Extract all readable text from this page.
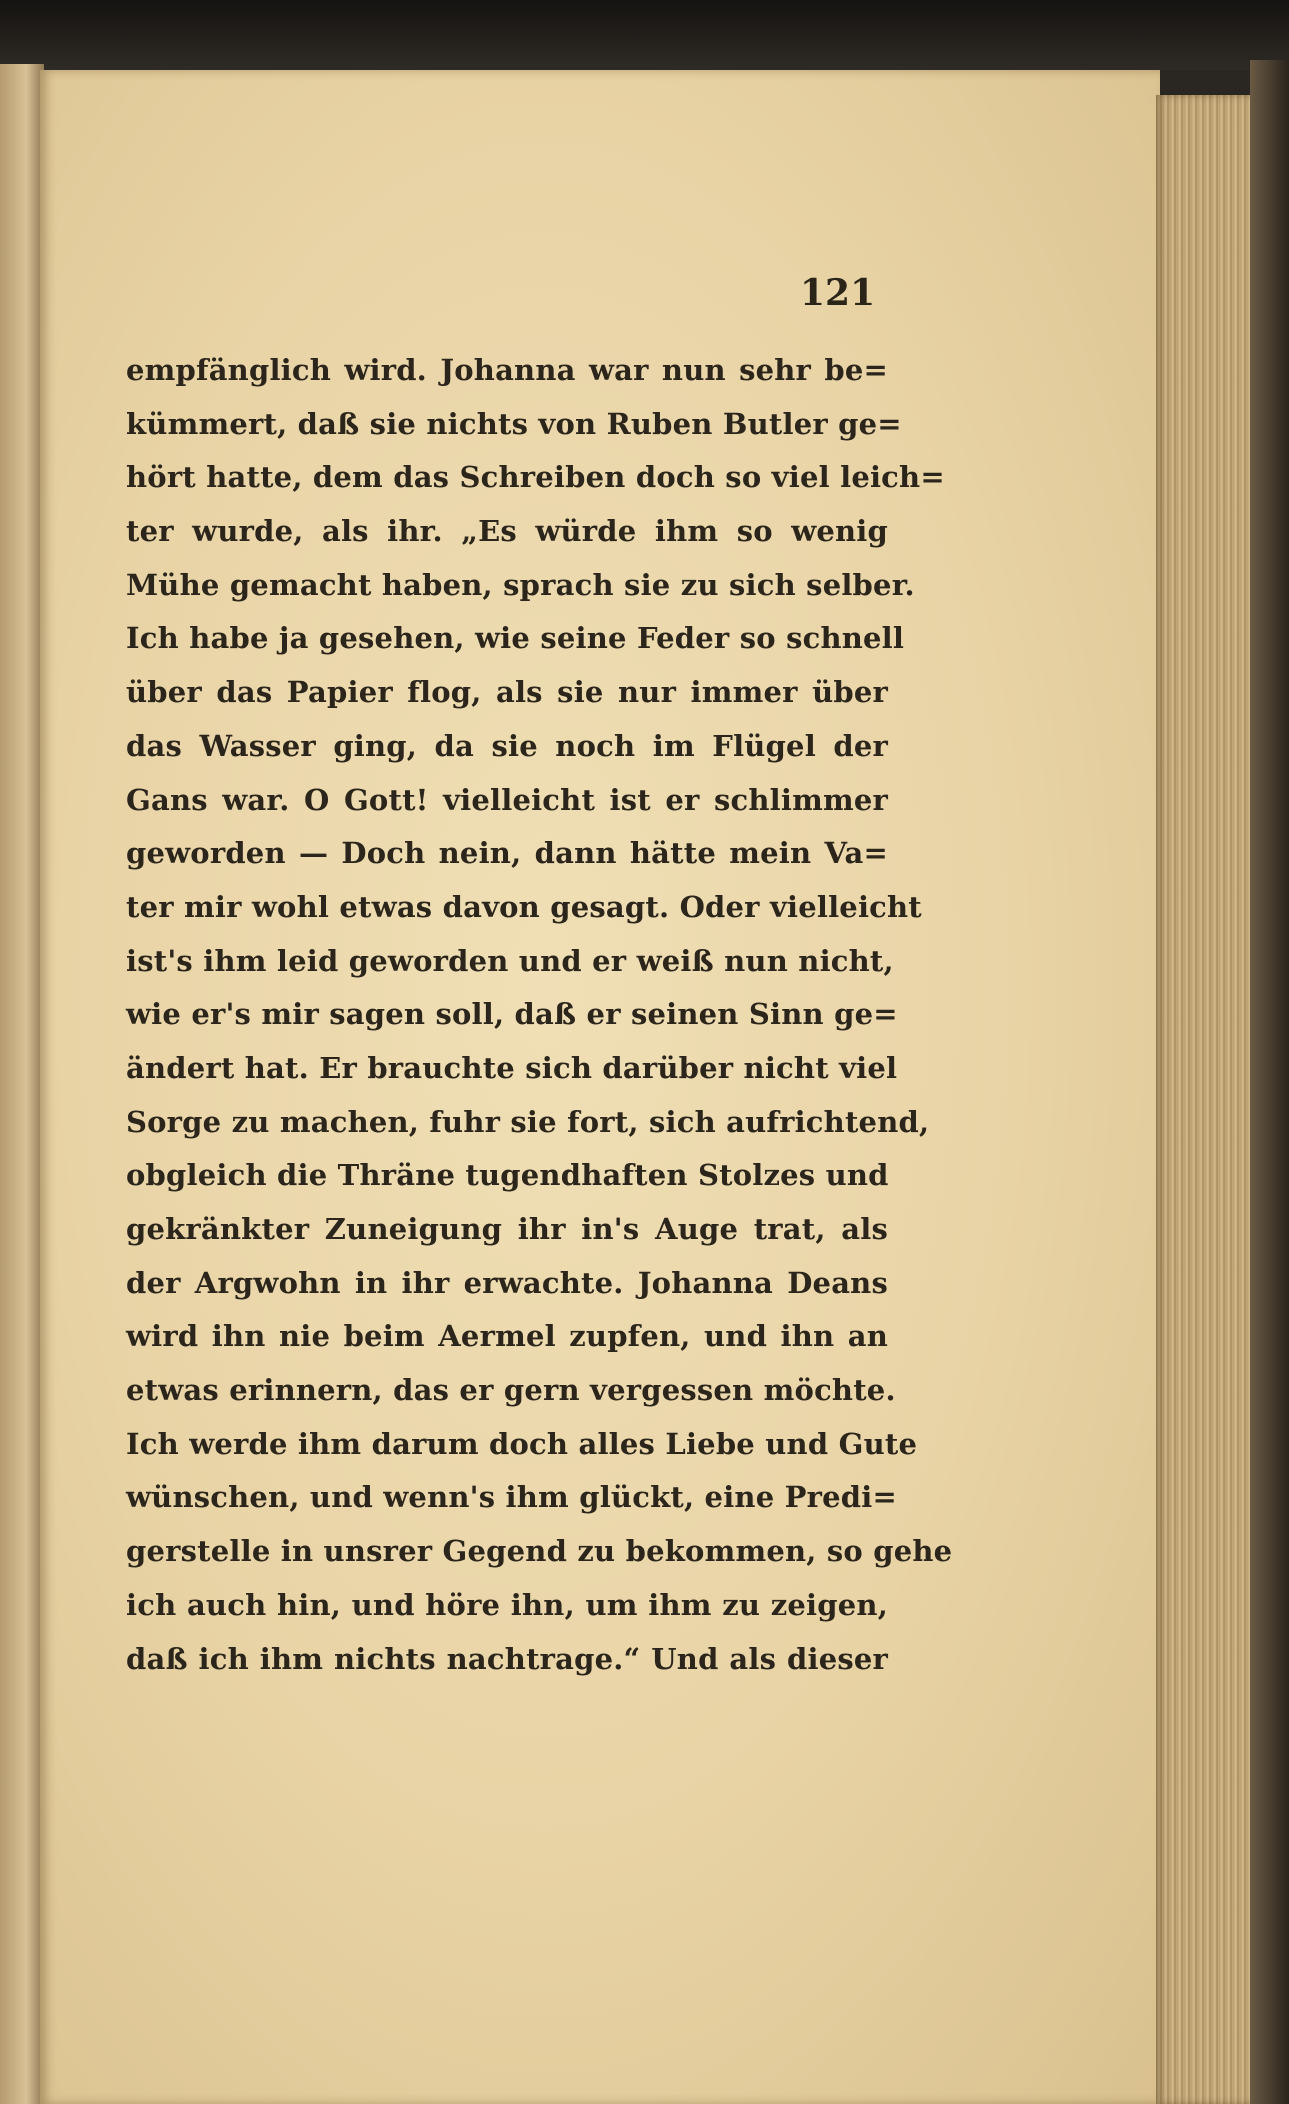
121
empfänglich wird. Johanna war nun sehr be=
kümmert, daß sie nichts von Ruben Butler ge=
hört hatte, dem das Schreiben doch so viel leich=
ter wurde, als ihr. „Es würde ihm so wenig
Mühe gemacht haben, sprach sie zu sich selber.
Ich habe ja gesehen, wie seine Feder so schnell
über das Papier flog, als sie nur immer über
das Wasser ging, da sie noch im Flügel der
Gans war. O Gott! vielleicht ist er schlimmer
geworden — Doch nein, dann hätte mein Va=
ter mir wohl etwas davon gesagt. Oder vielleicht
ist's ihm leid geworden und er weiß nun nicht,
wie er's mir sagen soll, daß er seinen Sinn ge=
ändert hat. Er brauchte sich darüber nicht viel
Sorge zu machen, fuhr sie fort, sich aufrichtend,
obgleich die Thräne tugendhaften Stolzes und
gekränkter Zuneigung ihr in's Auge trat, als
der Argwohn in ihr erwachte. Johanna Deans
wird ihn nie beim Aermel zupfen, und ihn an
etwas erinnern, das er gern vergessen möchte.
Ich werde ihm darum doch alles Liebe und Gute
wünschen, und wenn's ihm glückt, eine Predi=
gerstelle in unsrer Gegend zu bekommen, so gehe
ich auch hin, und höre ihn, um ihm zu zeigen,
daß ich ihm nichts nachtrage.“ Und als dieser
